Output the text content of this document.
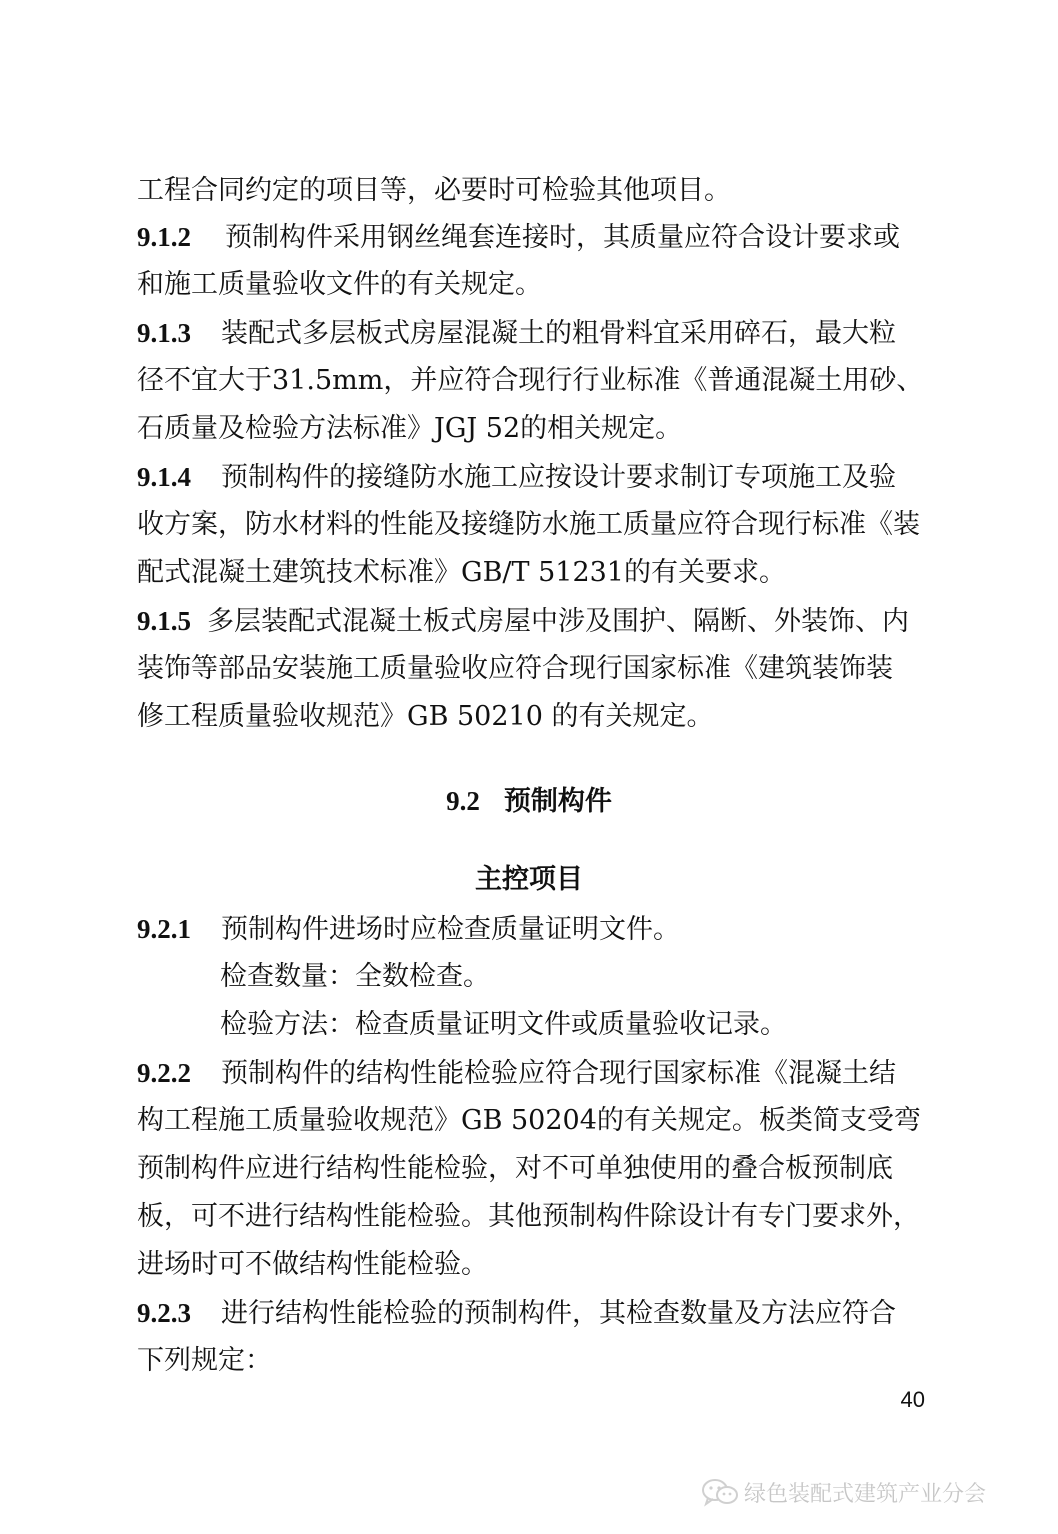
工程合同约定的项目等，必要时可检验其他项目。
9.1.2 预制构件采用钢丝绳套连接时，其质量应符合设计要求或
和施工质量验收文件的有关规定。
9.1.3 装配式多层板式房屋混凝土的粗骨料宜采用碎石，最大粒
径不宜大于31.5mm，并应符合现行行业标准《普通混凝土用砂、
石质量及检验方法标准》JGJ 52的相关规定。
9.1.4 预制构件的接缝防水施工应按设计要求制订专项施工及验
收方案，防水材料的性能及接缝防水施工质量应符合现行标准《装
配式混凝土建筑技术标准》GB/T 51231的有关要求。
9.1.5 多层装配式混凝土板式房屋中涉及围护、隔断、外装饰、内
装饰等部品安装施工质量验收应符合现行国家标准《建筑装饰装
修工程质量验收规范》GB 50210 的有关规定。
9.2 预制构件
主控项目
9.2.1 预制构件进场时应检查质量证明文件。
检查数量：全数检查。
检验方法：检查质量证明文件或质量验收记录。
9.2.2 预制构件的结构性能检验应符合现行国家标准《混凝土结
构工程施工质量验收规范》GB 50204的有关规定。板类简支受弯
预制构件应进行结构性能检验，对不可单独使用的叠合板预制底
板，可不进行结构性能检验。其他预制构件除设计有专门要求外，
进场时可不做结构性能检验。
9.2.3 进行结构性能检验的预制构件，其检查数量及方法应符合
下列规定：
40
绿色装配式建筑产业分会
